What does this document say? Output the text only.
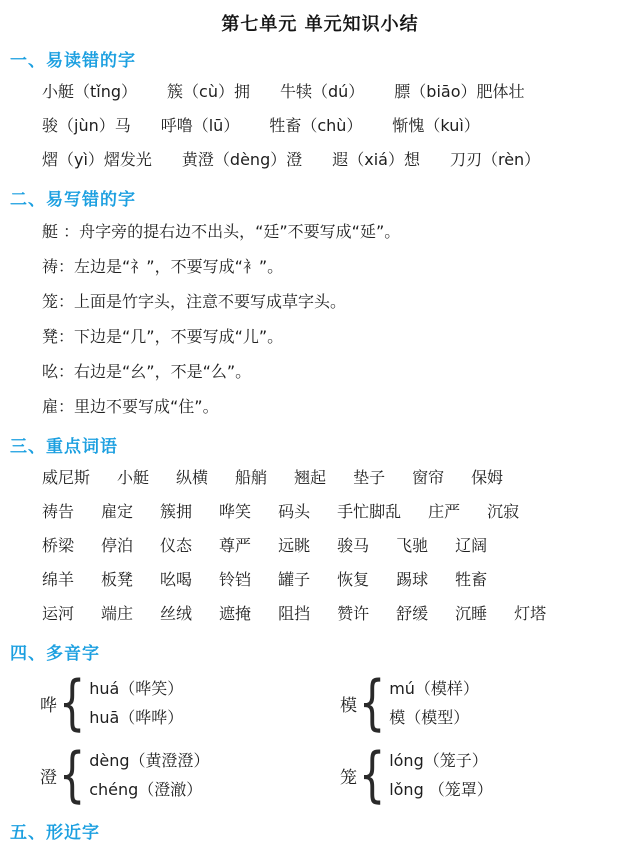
第七单元 单元知识小结
一、易读错的字
小艇（tǐng） 簇（cù）拥 牛犊（dú） 膘（biāo）肥体壮
骏（jùn）马 呼噜（lū） 牲畜（chù） 惭愧（kuì）
熠（yì）熠发光 黄澄（dèng）澄 遐（xiá）想 刀刃（rèn）
二、易写错的字
艇 ：舟字旁的提右边不出头，“廷”不要写成“延”。
祷：左边是“礻”，不要写成“衤”。
笼：上面是竹字头，注意不要写成草字头。
凳：下边是“几”，不要写成“儿”。
吆：右边是“幺”，不是“么”。
雇：里边不要写成“住”。
三、重点词语
威尼斯 小艇 纵横 船艄 翘起 垫子 窗帘 保姆
祷告 雇定 簇拥 哗笑 码头 手忙脚乱 庄严 沉寂
桥梁 停泊 仪态 尊严 远眺 骏马 飞驰 辽阔
绵羊 板凳 吆喝 铃铛 罐子 恢复 踢球 牲畜
运河 端庄 丝绒 遮掩 阻挡 赞许 舒缓 沉睡 灯塔
四、多音字
哗 { huá（哗笑）
huā（哗哗）
模 { mú（模样）
模（模型）
澄 { dèng（黄澄澄）
chéng（澄澈）
笼 { lóng（笼子）
lǒng （笼罩）
五、形近字
